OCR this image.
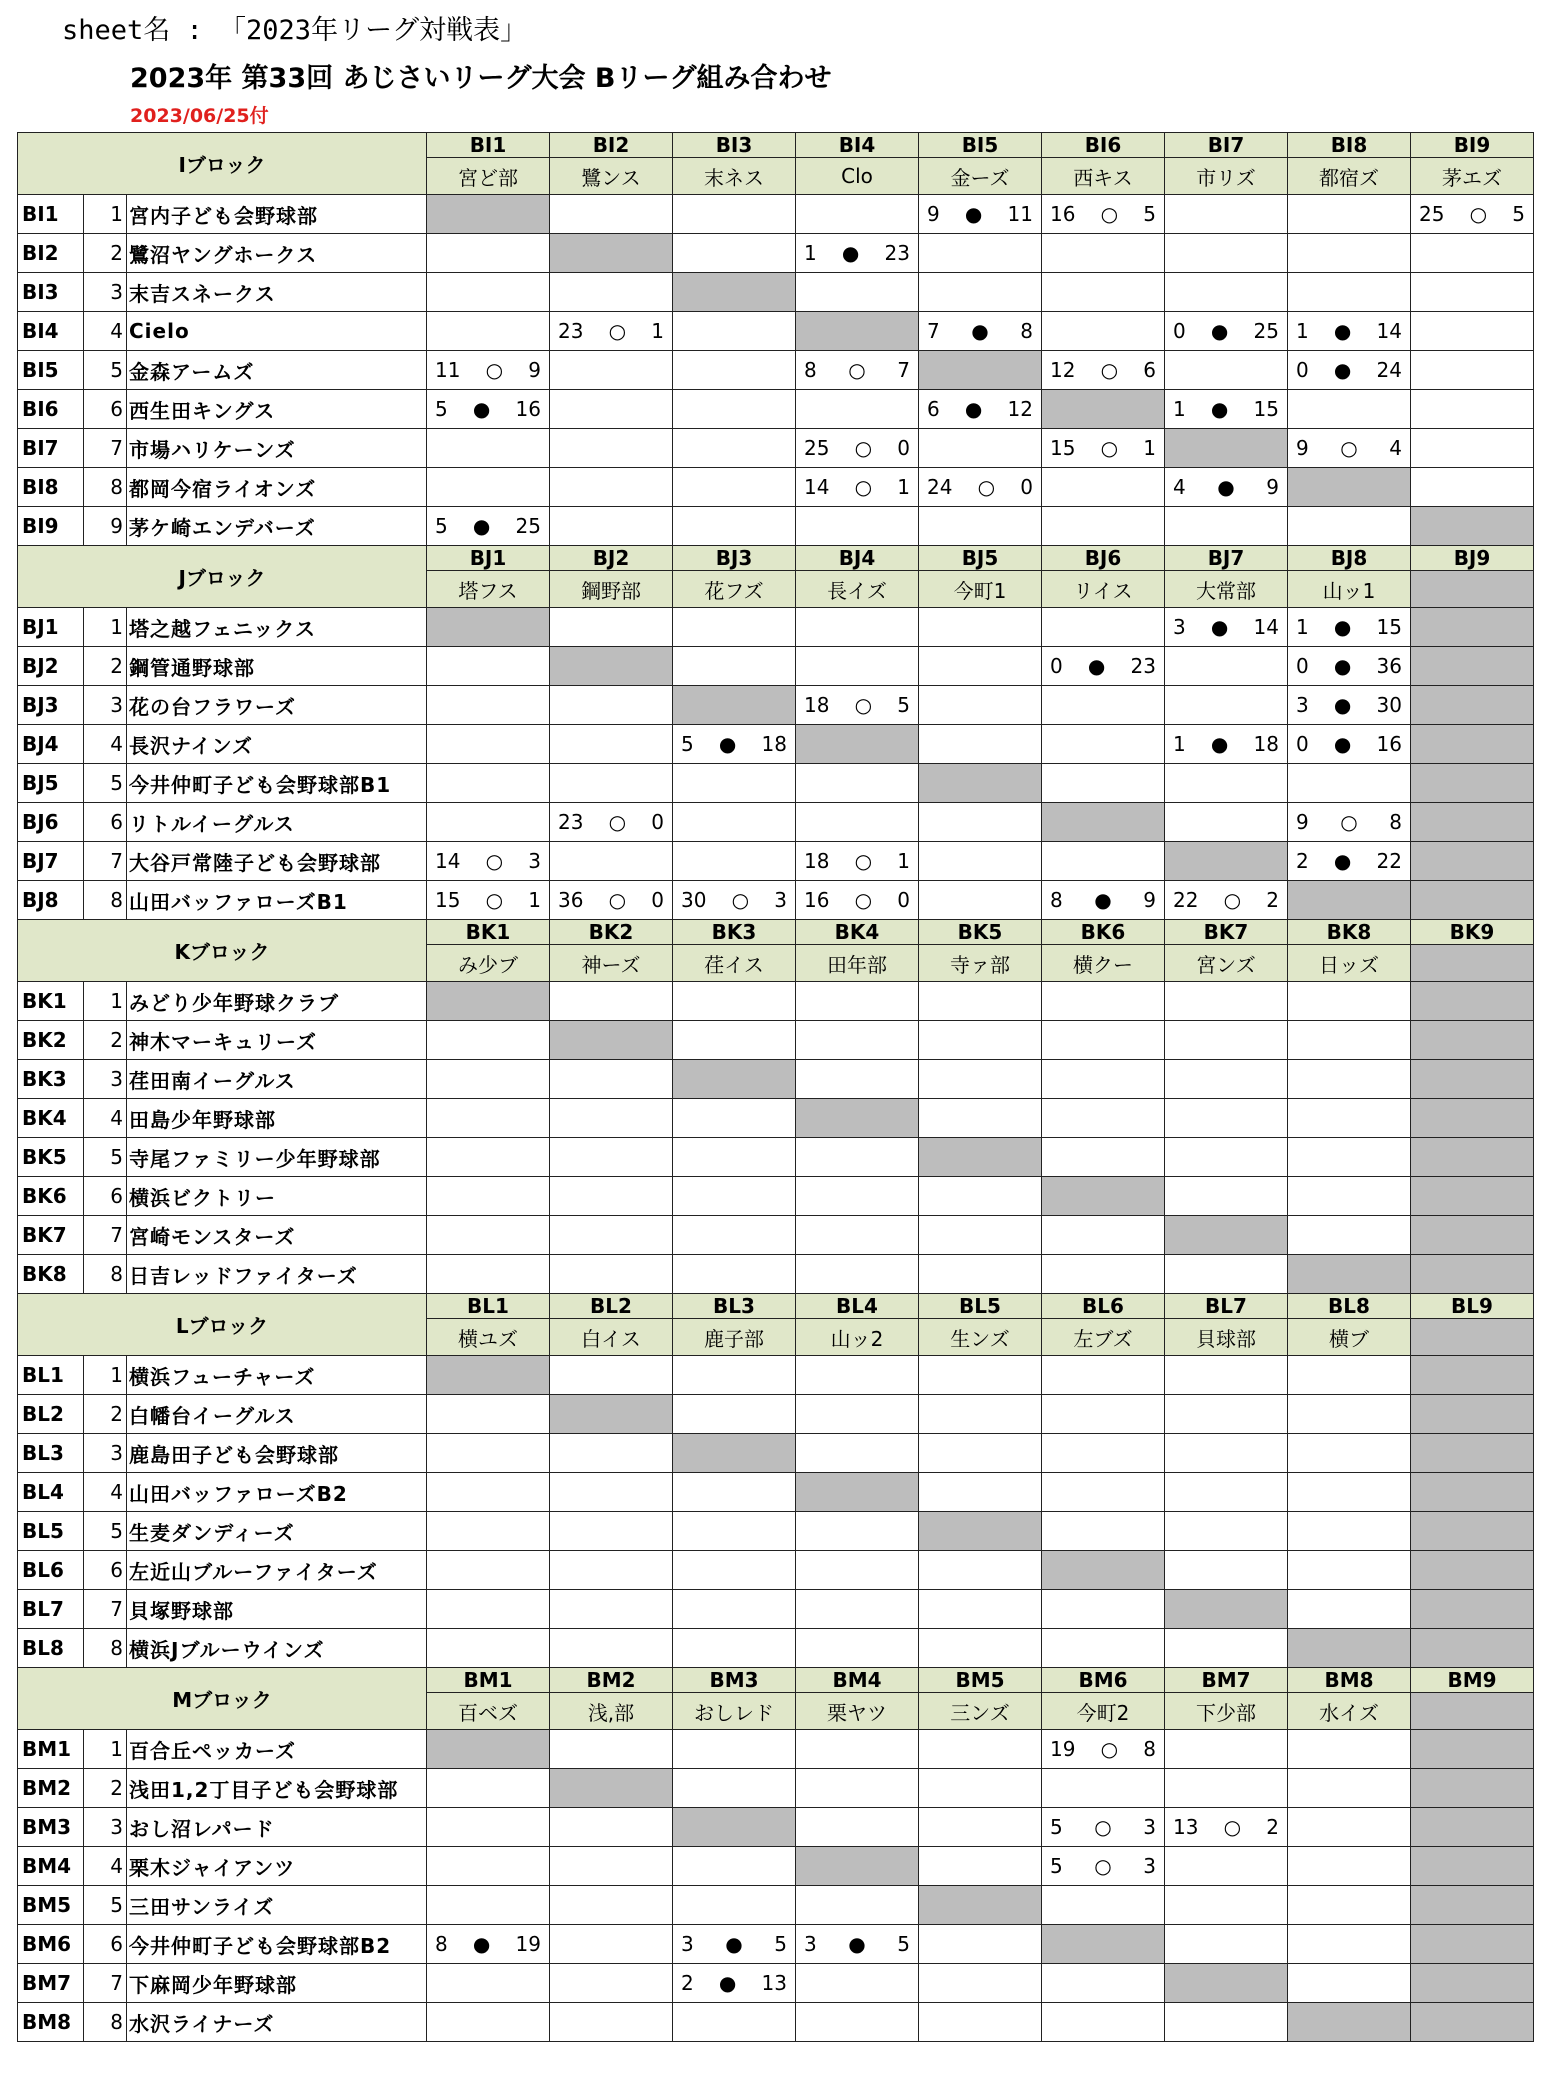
sheet名 : 「2023年リーグ対戦表」
2023年 第33回 あじさいリーグ大会 Bリーグ組み合わせ
2023/06/25付
Iブロック			BI1	BI2	BI3	BI4	BI5	BI6	BI7	BI8	BI9
			宮ど部	鷺ンス	末ネス	Clo	金ーズ	西キス	市リズ	都宿ズ	茅エズ
BI1	1	宮内子ども会野球部					9 ● 11	16 ○ 5			25 ○ 5

BI2	2	鷺沼ヤングホークス				1 ● 23					

BI3	3	末吉スネークス									
BI4	4	Cielo		23 ○ 1			7 ● 8		0 ● 25	1 ● 14	

BI5	5	金森アームズ	11 ○ 9			8 ○ 7		12 ○ 6		0 ● 24	

BI6	6	西生田キングス	5 ● 16				6 ● 12		1 ● 15		

BI7	7	市場ハリケーンズ				25 ○ 0		15 ○ 1		9 ○ 4	

BI8	8	都岡今宿ライオンズ				14 ○ 1	24 ○ 0		4 ● 9		

BI9	9	茅ケ崎エンデバーズ	5 ● 25								

Jブロック			BJ1	BJ2	BJ3	BJ4	BJ5	BJ6	BJ7	BJ8	BJ9
			塔フス	鋼野部	花フズ	長イズ	今町1	リイス	大常部	山ッ1	
BJ1	1	塔之越フェニックス							3 ● 14	1 ● 15	

BJ2	2	鋼管通野球部						0 ● 23		0 ● 36	

BJ3	3	花の台フラワーズ				18 ○ 5				3 ● 30	

BJ4	4	長沢ナインズ			5 ● 18				1 ● 18	0 ● 16	

BJ5	5	今井仲町子ども会野球部B1									
BJ6	6	リトルイーグルス		23 ○ 0						9 ○ 8	

BJ7	7	大谷戸常陸子ども会野球部	14 ○ 3			18 ○ 1				2 ● 22	

BJ8	8	山田バッファローズB1	15 ○ 1	36 ○ 0	30 ○ 3	16 ○ 0		8 ● 9	22 ○ 2		

Kブロック			BK1	BK2	BK3	BK4	BK5	BK6	BK7	BK8	BK9
			み少ブ	神ーズ	荏イス	田年部	寺ァ部	横クー	宮ンズ	日ッズ	
BK1	1	みどり少年野球クラブ									
BK2	2	神木マーキュリーズ									
BK3	3	荏田南イーグルス									
BK4	4	田島少年野球部									
BK5	5	寺尾ファミリー少年野球部									
BK6	6	横浜ビクトリー									
BK7	7	宮崎モンスターズ									
BK8	8	日吉レッドファイターズ									
Lブロック			BL1	BL2	BL3	BL4	BL5	BL6	BL7	BL8	BL9
			横ユズ	白イス	鹿子部	山ッ2	生ンズ	左ブズ	貝球部	横ブ	
BL1	1	横浜フューチャーズ									
BL2	2	白幡台イーグルス									
BL3	3	鹿島田子ども会野球部									
BL4	4	山田バッファローズB2									
BL5	5	生麦ダンディーズ									
BL6	6	左近山ブルーファイターズ									
BL7	7	貝塚野球部									
BL8	8	横浜Jブルーウインズ									
Mブロック			BM1	BM2	BM3	BM4	BM5	BM6	BM7	BM8	BM9
			百ベズ	浅,部	おしレド	栗ヤツ	三ンズ	今町2	下少部	水イズ	
BM1	1	百合丘ペッカーズ						19 ○ 8			

BM2	2	浅田1,2丁目子ども会野球部									
BM3	3	おし沼レパード						5 ○ 3	13 ○ 2		

BM4	4	栗木ジャイアンツ						5 ○ 3			

BM5	5	三田サンライズ									
BM6	6	今井仲町子ども会野球部B2	8 ● 19		3 ● 5	3 ● 5					

BM7	7	下麻岡少年野球部			2 ● 13						

BM8	8	水沢ライナーズ									
